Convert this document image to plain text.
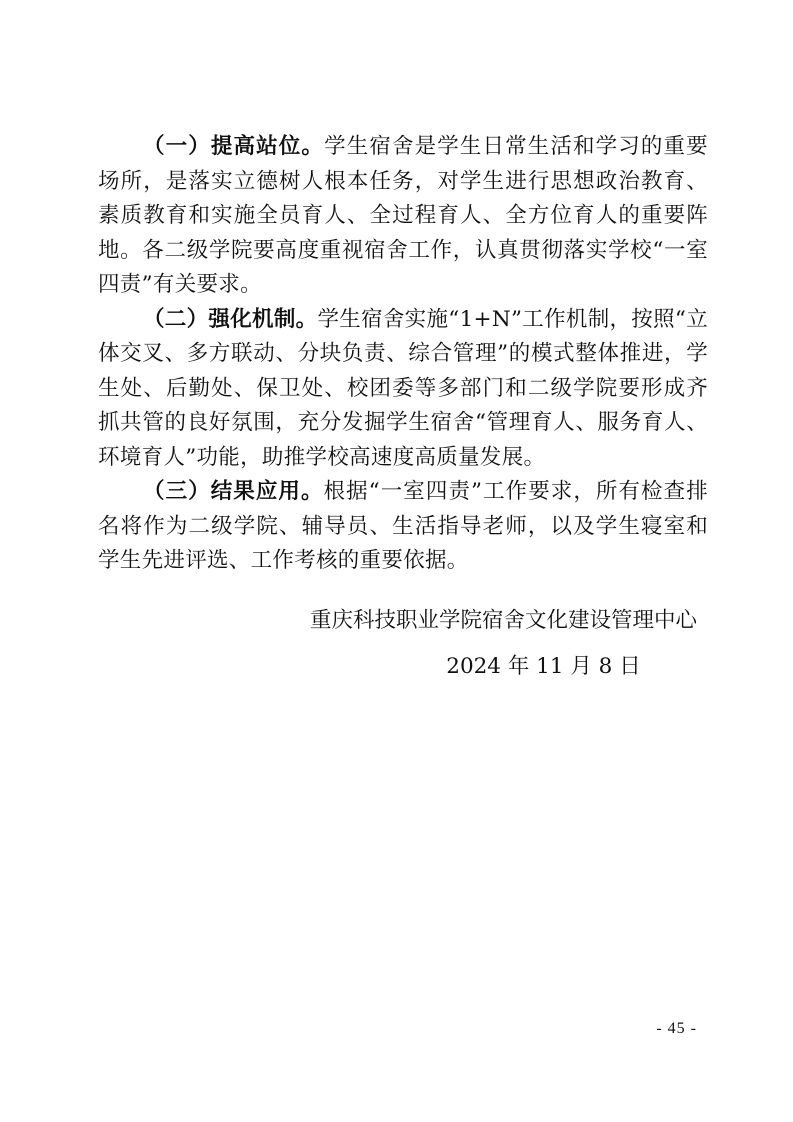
（一）提高站位。学生宿舍是学生日常生活和学习的重要场所，是落实立德树人根本任务，对学生进行思想政治教育、素质教育和实施全员育人、全过程育人、全方位育人的重要阵地。各二级学院要高度重视宿舍工作，认真贯彻落实学校“一室四责”有关要求。

（二）强化机制。学生宿舍实施“1+N”工作机制，按照“立体交叉、多方联动、分块负责、综合管理”的模式整体推进，学生处、后勤处、保卫处、校团委等多部门和二级学院要形成齐抓共管的良好氛围，充分发掘学生宿舍“管理育人、服务育人、环境育人”功能，助推学校高速度高质量发展。

（三）结果应用。根据“一室四责”工作要求，所有检查排名将作为二级学院、辅导员、生活指导老师，以及学生寝室和学生先进评选、工作考核的重要依据。

重庆科技职业学院宿舍文化建设管理中心
2024 年 11 月 8 日
- 45 -
